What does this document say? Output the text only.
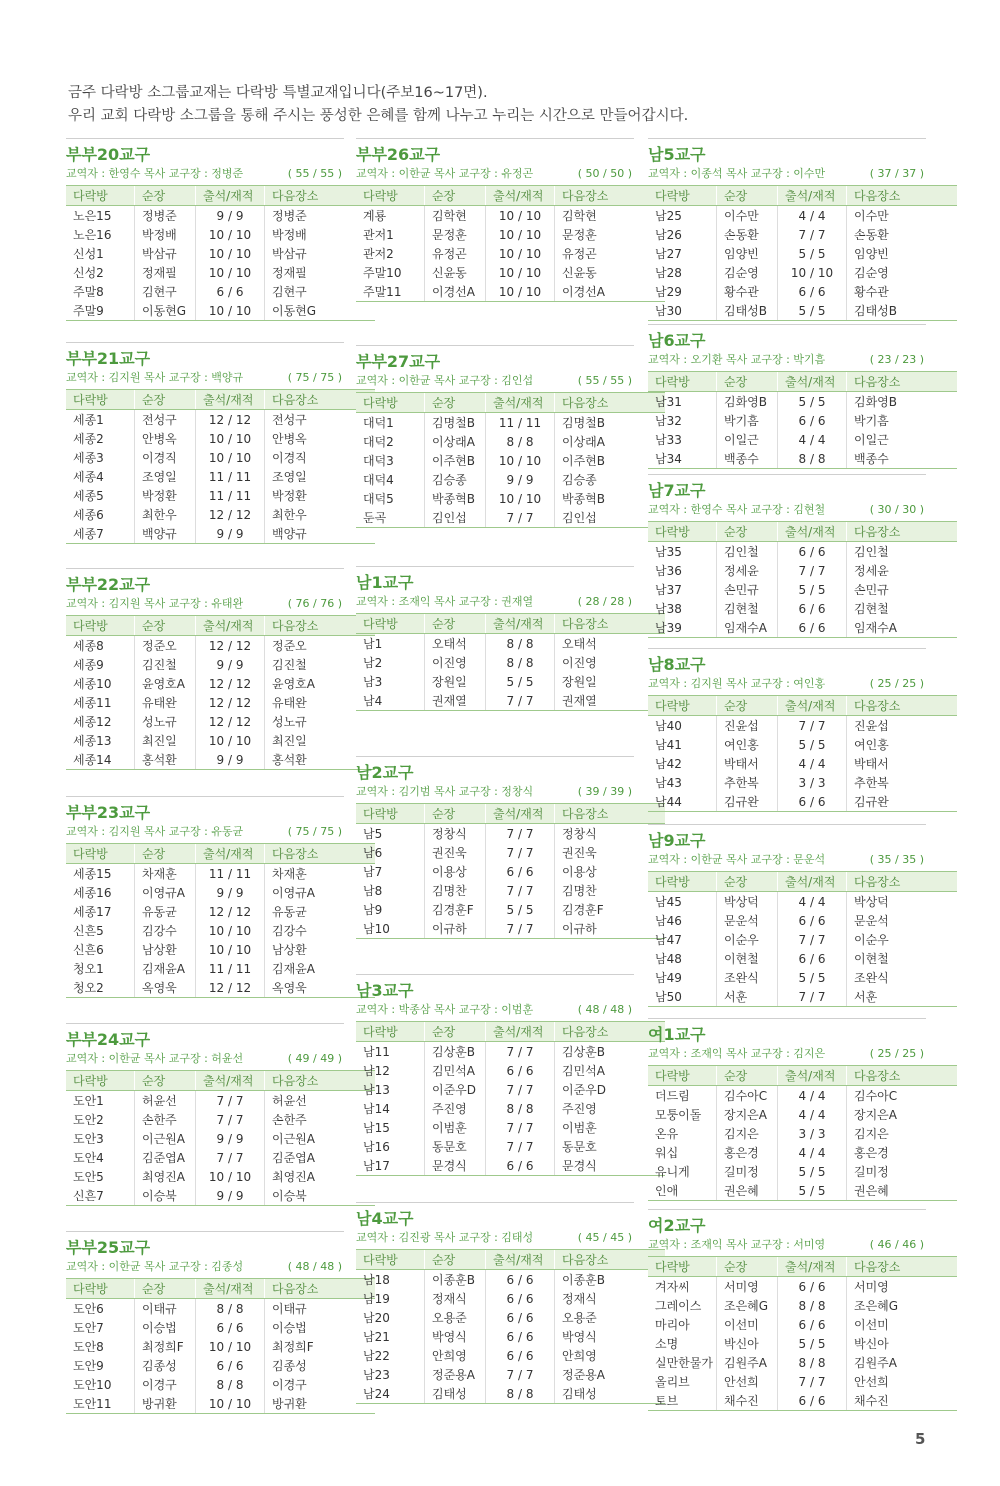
금주 다락방 소그룹교재는 다락방 특별교재입니다(주보16~17면).
우리 교회 다락방 소그룹을 통해 주시는 풍성한 은혜를 함께 나누고 누리는 시간으로 만들어갑시다.
부부20교구
교역자 : 한영수 목사 교구장 : 정병준	( 55 / 55 )
다락방	순장	출석/재적	다음장소
노은15	정병준	9 / 9	정병준
노은16	박정배	10 / 10	박정배
신성1	박삼규	10 / 10	박삼규
신성2	정재필	10 / 10	정재필
주말8	김현구	6 / 6	김현구
주말9	이동현G	10 / 10	이동현G
부부21교구
교역자 : 김지원 목사 교구장 : 백양규	( 75 / 75 )
다락방	순장	출석/재적	다음장소
세종1	전성구	12 / 12	전성구
세종2	안병옥	10 / 10	안병옥
세종3	이경직	10 / 10	이경직
세종4	조영일	11 / 11	조영일
세종5	박정환	11 / 11	박정환
세종6	최한우	12 / 12	최한우
세종7	백양규	9 / 9	백양규
부부22교구
교역자 : 김지원 목사 교구장 : 유태완	( 76 / 76 )
다락방	순장	출석/재적	다음장소
세종8	정준오	12 / 12	정준오
세종9	김진철	9 / 9	김진철
세종10	윤영호A	12 / 12	윤영호A
세종11	유태완	12 / 12	유태완
세종12	성노규	12 / 12	성노규
세종13	최진일	10 / 10	최진일
세종14	홍석환	9 / 9	홍석환
부부23교구
교역자 : 김지원 목사 교구장 : 유동균	( 75 / 75 )
다락방	순장	출석/재적	다음장소
세종15	차재훈	11 / 11	차재훈
세종16	이영규A	9 / 9	이영규A
세종17	유동균	12 / 12	유동균
신흔5	김강수	10 / 10	김강수
신흔6	남상환	10 / 10	남상환
청오1	김재윤A	11 / 11	김재윤A
청오2	옥영욱	12 / 12	옥영욱
부부24교구
교역자 : 이한균 목사 교구장 : 허윤선	( 49 / 49 )
다락방	순장	출석/재적	다음장소
도안1	허윤선	7 / 7	허윤선
도안2	손한주	7 / 7	손한주
도안3	이근원A	9 / 9	이근원A
도안4	김준엽A	7 / 7	김준엽A
도안5	최영진A	10 / 10	최영진A
신흔7	이승북	9 / 9	이승북
부부25교구
교역자 : 이한균 목사 교구장 : 김종성	( 48 / 48 )
다락방	순장	출석/재적	다음장소
도안6	이태규	8 / 8	이태규
도안7	이승법	6 / 6	이승법
도안8	최정희F	10 / 10	최정희F
도안9	김종성	6 / 6	김종성
도안10	이경구	8 / 8	이경구
도안11	방귀환	10 / 10	방귀환
부부26교구
교역자 : 이한균 목사 교구장 : 유정곤	( 50 / 50 )
다락방	순장	출석/재적	다음장소
계룡	김학현	10 / 10	김학현
관저1	문정훈	10 / 10	문정훈
관저2	유정곤	10 / 10	유정곤
주말10	신윤동	10 / 10	신윤동
주말11	이경선A	10 / 10	이경선A
부부27교구
교역자 : 이한균 목사 교구장 : 김인섭	( 55 / 55 )
다락방	순장	출석/재적	다음장소
대덕1	김명철B	11 / 11	김명철B
대덕2	이상래A	8 / 8	이상래A
대덕3	이주현B	10 / 10	이주현B
대덕4	김승종	9 / 9	김승종
대덕5	박종혁B	10 / 10	박종혁B
둔곡	김인섭	7 / 7	김인섭
남1교구
교역자 : 조재익 목사 교구장 : 권재열	( 28 / 28 )
다락방	순장	출석/재적	다음장소
남1	오태석	8 / 8	오태석
남2	이진영	8 / 8	이진영
남3	장원일	5 / 5	장원일
남4	권재열	7 / 7	권재열
남2교구
교역자 : 김기범 목사 교구장 : 정창식	( 39 / 39 )
다락방	순장	출석/재적	다음장소
남5	정창식	7 / 7	정창식
남6	권진욱	7 / 7	권진욱
남7	이용상	6 / 6	이용상
남8	김명찬	7 / 7	김명찬
남9	김경훈F	5 / 5	김경훈F
남10	이규하	7 / 7	이규하
남3교구
교역자 : 박종삼 목사 교구장 : 이범훈	( 48 / 48 )
다락방	순장	출석/재적	다음장소
남11	김상훈B	7 / 7	김상훈B
남12	김민석A	6 / 6	김민석A
남13	이준우D	7 / 7	이준우D
남14	주진영	8 / 8	주진영
남15	이범훈	7 / 7	이범훈
남16	동문호	7 / 7	동문호
남17	문경식	6 / 6	문경식
남4교구
교역자 : 김진광 목사 교구장 : 김태성	( 45 / 45 )
다락방	순장	출석/재적	다음장소
남18	이종훈B	6 / 6	이종훈B
남19	정재식	6 / 6	정재식
남20	오용준	6 / 6	오용준
남21	박영식	6 / 6	박영식
남22	안희영	6 / 6	안희영
남23	정준용A	7 / 7	정준용A
남24	김태성	8 / 8	김태성
남5교구
교역자 : 이종석 목사 교구장 : 이수만	( 37 / 37 )
다락방	순장	출석/재적	다음장소
남25	이수만	4 / 4	이수만
남26	손동환	7 / 7	손동환
남27	임양빈	5 / 5	임양빈
남28	김순영	10 / 10	김순영
남29	황수관	6 / 6	황수관
남30	김태성B	5 / 5	김태성B
남6교구
교역자 : 오기환 목사 교구장 : 박기흠	( 23 / 23 )
다락방	순장	출석/재적	다음장소
남31	김화영B	5 / 5	김화영B
남32	박기흠	6 / 6	박기흠
남33	이일근	4 / 4	이일근
남34	백종수	8 / 8	백종수
남7교구
교역자 : 한영수 목사 교구장 : 김현철	( 30 / 30 )
다락방	순장	출석/재적	다음장소
남35	김인철	6 / 6	김인철
남36	정세윤	7 / 7	정세윤
남37	손민규	5 / 5	손민규
남38	김현철	6 / 6	김현철
남39	임재수A	6 / 6	임재수A
남8교구
교역자 : 김지원 목사 교구장 : 여인홍	( 25 / 25 )
다락방	순장	출석/재적	다음장소
남40	진윤섭	7 / 7	진윤섭
남41	여인홍	5 / 5	여인홍
남42	박태서	4 / 4	박태서
남43	추한복	3 / 3	추한복
남44	김규완	6 / 6	김규완
남9교구
교역자 : 이한균 목사 교구장 : 문운석	( 35 / 35 )
다락방	순장	출석/재적	다음장소
남45	박상덕	4 / 4	박상덕
남46	문운석	6 / 6	문운석
남47	이순우	7 / 7	이순우
남48	이현철	6 / 6	이현철
남49	조완식	5 / 5	조완식
남50	서훈	7 / 7	서훈
여1교구
교역자 : 조재익 목사 교구장 : 김지은	( 25 / 25 )
다락방	순장	출석/재적	다음장소
더드림	김수아C	4 / 4	김수아C
모퉁이돌	장지은A	4 / 4	장지은A
온유	김지은	3 / 3	김지은
워십	홍은경	4 / 4	홍은경
유니게	길미정	5 / 5	길미정
인애	권은혜	5 / 5	권은혜
여2교구
교역자 : 조재익 목사 교구장 : 서미영	( 46 / 46 )
다락방	순장	출석/재적	다음장소
겨자씨	서미영	6 / 6	서미영
그레이스	조은혜G	8 / 8	조은혜G
마리아	이선미	6 / 6	이선미
소명	박신아	5 / 5	박신아
실만한물가	김원주A	8 / 8	김원주A
올리브	안선희	7 / 7	안선희
토브	채수진	6 / 6	채수진
5
